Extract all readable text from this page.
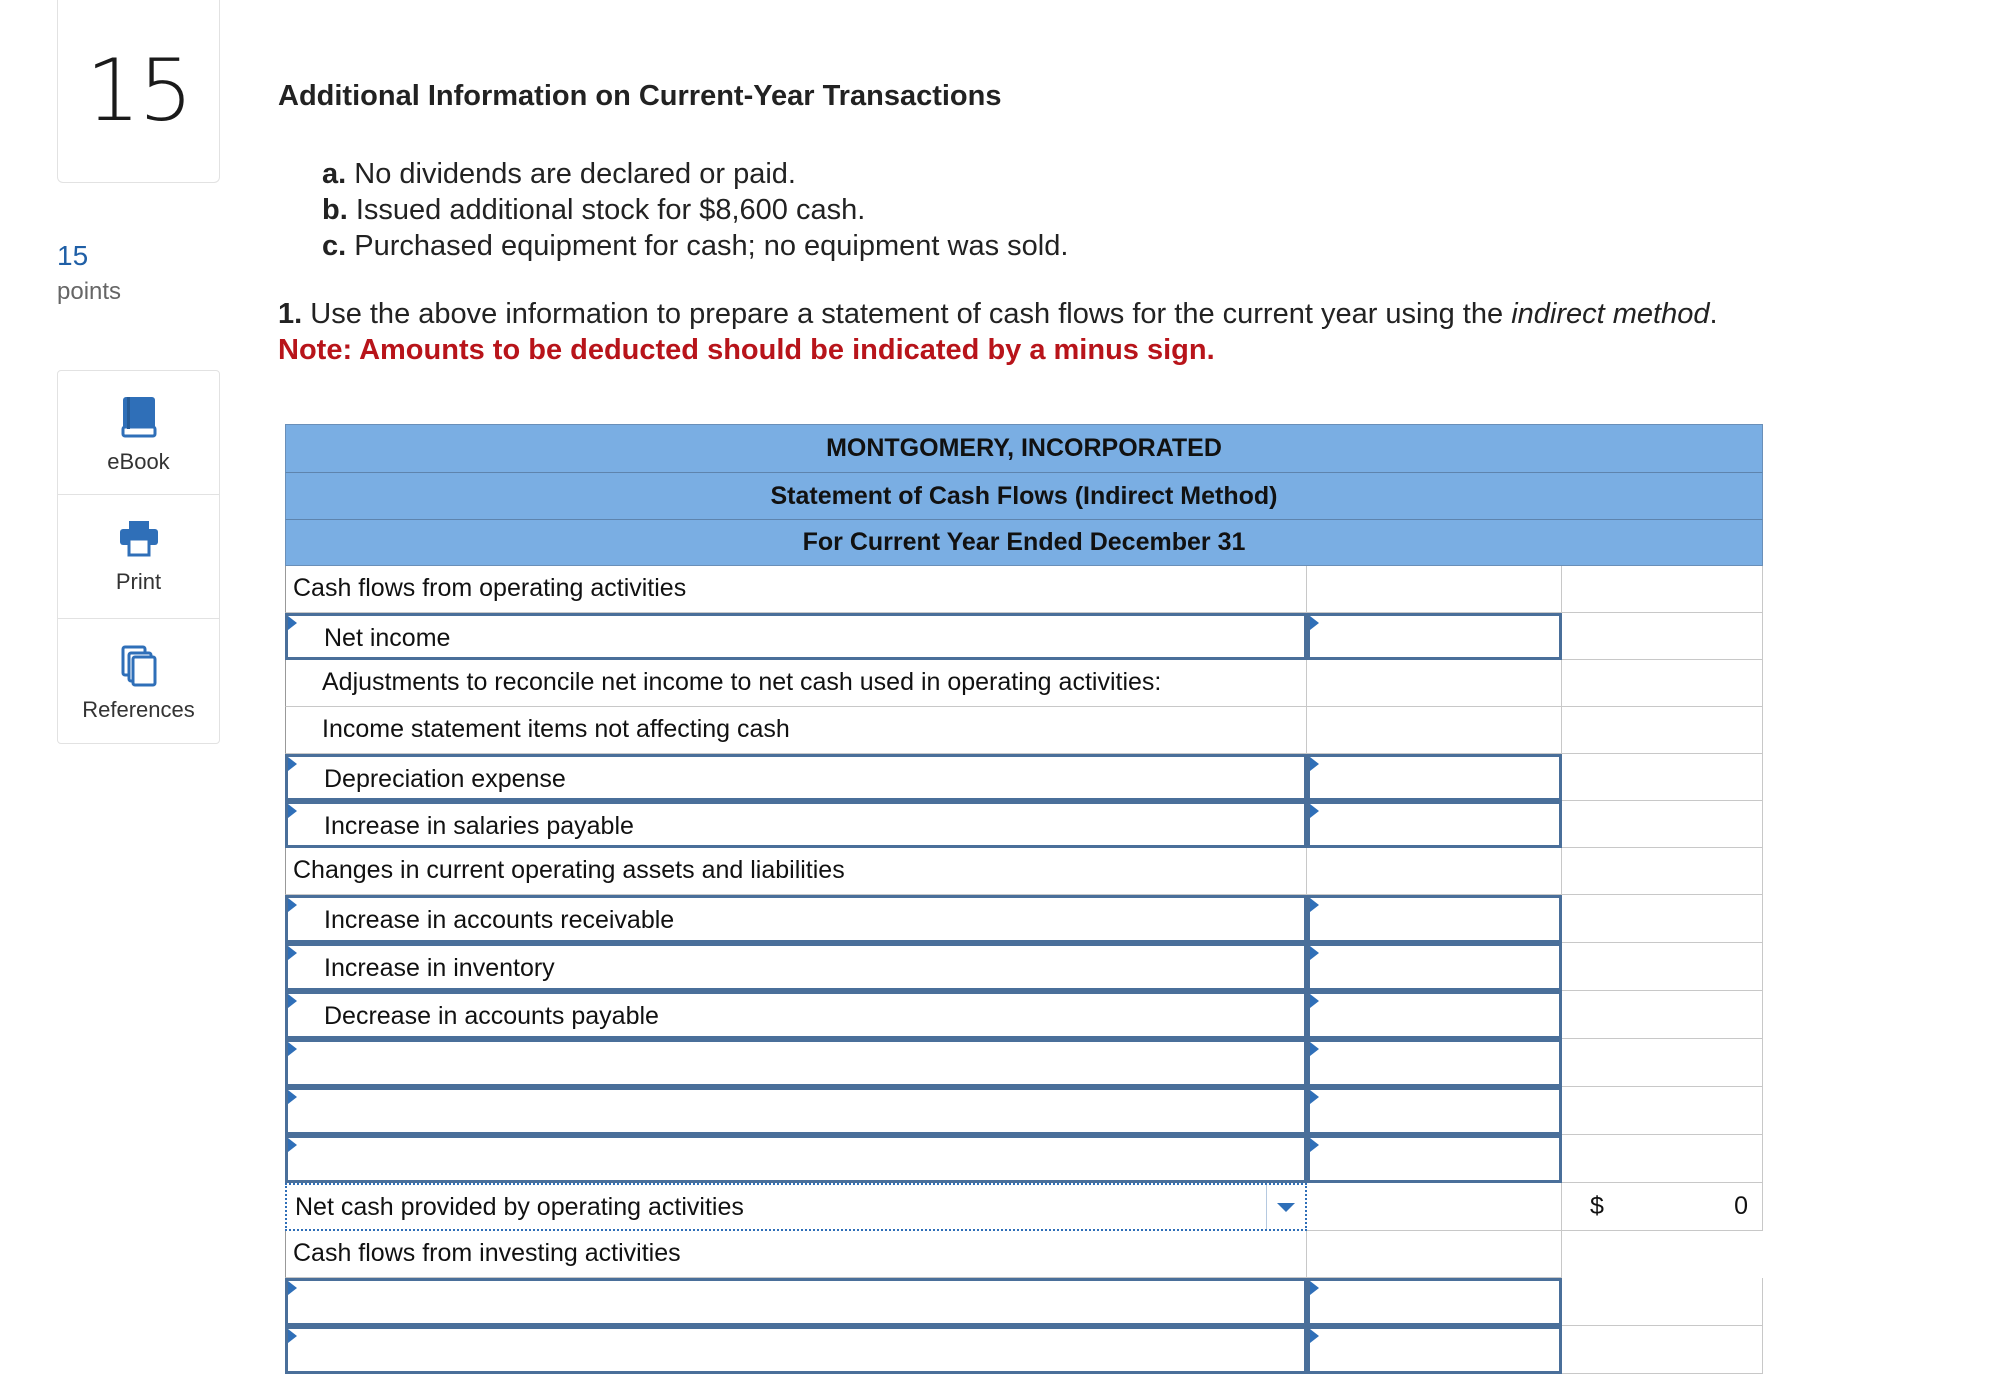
15
15
points
eBook
Print
References
Additional Information on Current-Year Transactions
a. No dividends are declared or paid.
b. Issued additional stock for $8,600 cash.
c. Purchased equipment for cash; no equipment was sold.
1. Use the above information to prepare a statement of cash flows for the current year using the indirect method.
Note: Amounts to be deducted should be indicated by a minus sign.
MONTGOMERY, INCORPORATED
Statement of Cash Flows (Indirect Method)
For Current Year Ended December 31
Cash flows from operating activities
Net income
Adjustments to reconcile net income to net cash used in operating activities:
Income statement items not affecting cash
Depreciation expense
Increase in salaries payable
Changes in current operating assets and liabilities
Increase in accounts receivable
Increase in inventory
Decrease in accounts payable
Net cash provided by operating activities	$	0
Cash flows from investing activities
